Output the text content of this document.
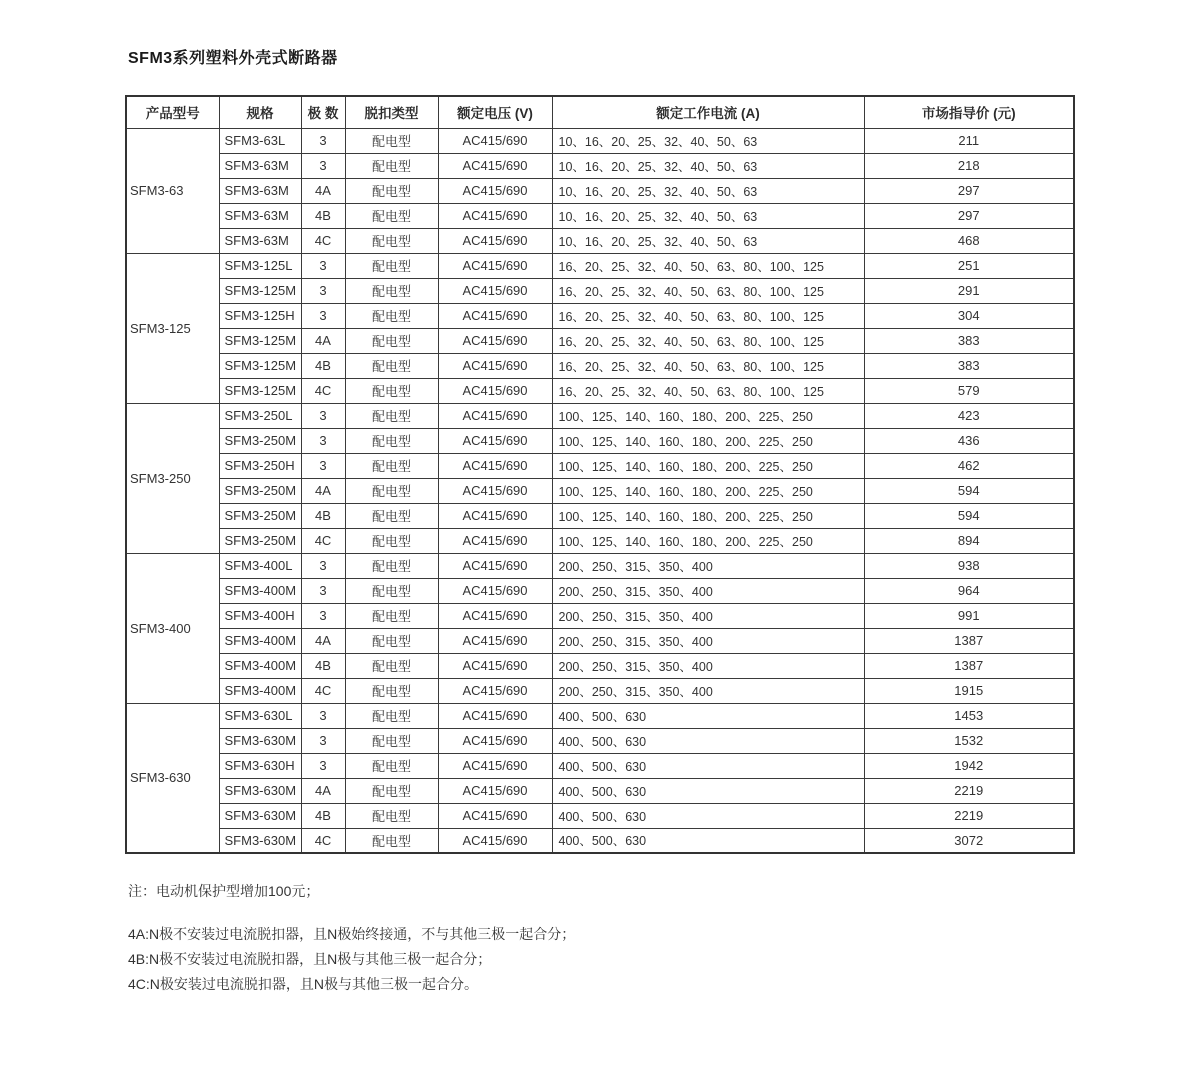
SFM3系列塑料外壳式断路器
产品型号	规格	极 数	脱扣类型	额定电压 (V)	额定工作电流 (A)	市场指导价 (元)
SFM3-63	SFM3-63L	3	配电型	AC415/690	10、16、20、25、32、40、50、63	211
	SFM3-63M	3	配电型	AC415/690	10、16、20、25、32、40、50、63	218
	SFM3-63M	4A	配电型	AC415/690	10、16、20、25、32、40、50、63	297
	SFM3-63M	4B	配电型	AC415/690	10、16、20、25、32、40、50、63	297
	SFM3-63M	4C	配电型	AC415/690	10、16、20、25、32、40、50、63	468
SFM3-125	SFM3-125L	3	配电型	AC415/690	16、20、25、32、40、50、63、80、100、125	251
	SFM3-125M	3	配电型	AC415/690	16、20、25、32、40、50、63、80、100、125	291
	SFM3-125H	3	配电型	AC415/690	16、20、25、32、40、50、63、80、100、125	304
	SFM3-125M	4A	配电型	AC415/690	16、20、25、32、40、50、63、80、100、125	383
	SFM3-125M	4B	配电型	AC415/690	16、20、25、32、40、50、63、80、100、125	383
	SFM3-125M	4C	配电型	AC415/690	16、20、25、32、40、50、63、80、100、125	579
SFM3-250	SFM3-250L	3	配电型	AC415/690	100、125、140、160、180、200、225、250	423
	SFM3-250M	3	配电型	AC415/690	100、125、140、160、180、200、225、250	436
	SFM3-250H	3	配电型	AC415/690	100、125、140、160、180、200、225、250	462
	SFM3-250M	4A	配电型	AC415/690	100、125、140、160、180、200、225、250	594
	SFM3-250M	4B	配电型	AC415/690	100、125、140、160、180、200、225、250	594
	SFM3-250M	4C	配电型	AC415/690	100、125、140、160、180、200、225、250	894
SFM3-400	SFM3-400L	3	配电型	AC415/690	200、250、315、350、400	938
	SFM3-400M	3	配电型	AC415/690	200、250、315、350、400	964
	SFM3-400H	3	配电型	AC415/690	200、250、315、350、400	991
	SFM3-400M	4A	配电型	AC415/690	200、250、315、350、400	1387
	SFM3-400M	4B	配电型	AC415/690	200、250、315、350、400	1387
	SFM3-400M	4C	配电型	AC415/690	200、250、315、350、400	1915
SFM3-630	SFM3-630L	3	配电型	AC415/690	400、500、630	1453
	SFM3-630M	3	配电型	AC415/690	400、500、630	1532
	SFM3-630H	3	配电型	AC415/690	400、500、630	1942
	SFM3-630M	4A	配电型	AC415/690	400、500、630	2219
	SFM3-630M	4B	配电型	AC415/690	400、500、630	2219
	SFM3-630M	4C	配电型	AC415/690	400、500、630	3072
注：电动机保护型增加100元；
4A:N极不安装过电流脱扣器，且N极始终接通，不与其他三极一起合分；
4B:N极不安装过电流脱扣器，且N极与其他三极一起合分；
4C:N极安装过电流脱扣器，且N极与其他三极一起合分。
